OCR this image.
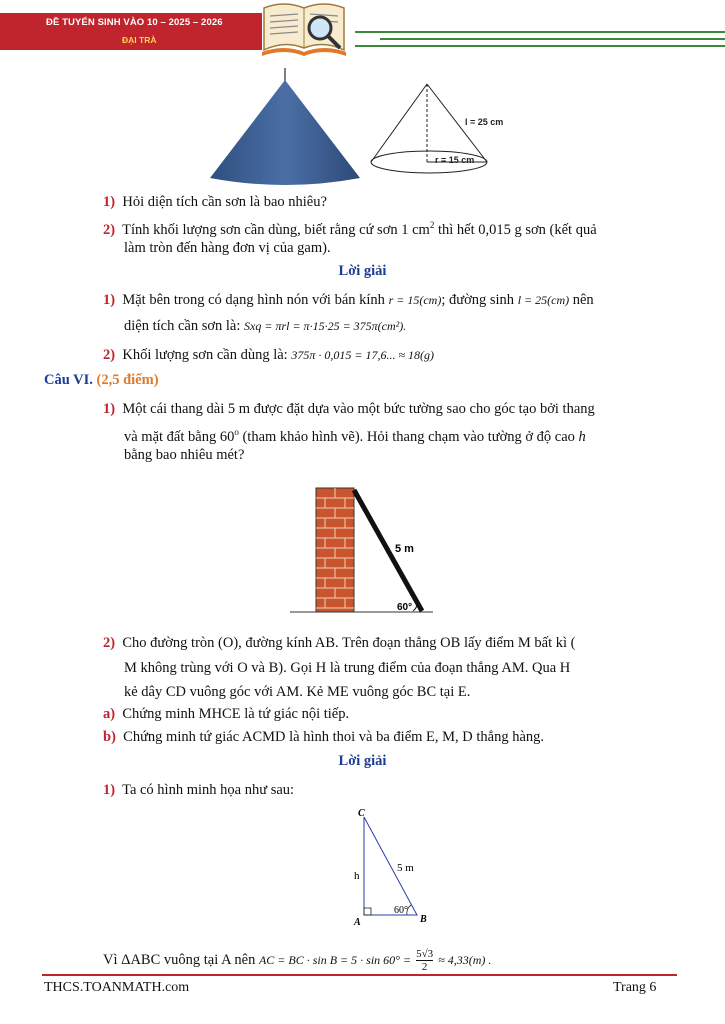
ĐỀ TUYỂN SINH VÀO 10 – 2025 – 2026
ĐẠI TRÀ
l = 25 cm
r = 15 cm
1) Hỏi diện tích cần sơn là bao nhiêu?
2) Tính khối lượng sơn cần dùng, biết rằng cứ sơn 1 $cm^2$ thì hết 0,015 g sơn (kết quả
làm tròn đến hàng đơn vị của gam).
Lời giải
1) Mặt bên trong có dạng hình nón với bán kính r = 15(cm); đường sinh l = 25(cm) nên
diện tích cần sơn là: Sxq = πrl = π·15·25 = 375π(cm²).
2) Khối lượng sơn cần dùng là: 375π · 0,015 = 17,6... ≈ 18(g)
Câu VI. (2,5 điểm)
1) Một cái thang dài 5 m được đặt dựa vào một bức tường sao cho góc tạo bởi thang
và mặt đất bằng 60$^o$ (tham khảo hình vẽ). Hỏi thang chạm vào tường ở độ cao h
bằng bao nhiêu mét?
5 m
60°
2) Cho đường tròn (O), đường kính AB. Trên đoạn thẳng OB lấy điểm M bất kì (
M không trùng với O và B). Gọi H là trung điểm của đoạn thẳng AM. Qua H
kẻ dây CD vuông góc với AM. Kẻ ME vuông góc BC tại E.
a) Chứng minh MHCE là tứ giác nội tiếp.
b) Chứng minh tứ giác ACMD là hình thoi và ba điểm E, M, D thẳng hàng.
Lời giải
1) Ta có hình minh họa như sau:
C
A	B
h
5 m
60°
Vì ΔABC vuông tại A nên AC = BC · $\sin B = 5 \cdot \sin 60^\circ = \frac{5√3}{2} \approx 4,33(m)$ .
THCS.TOANMATH.com	Trang 6
